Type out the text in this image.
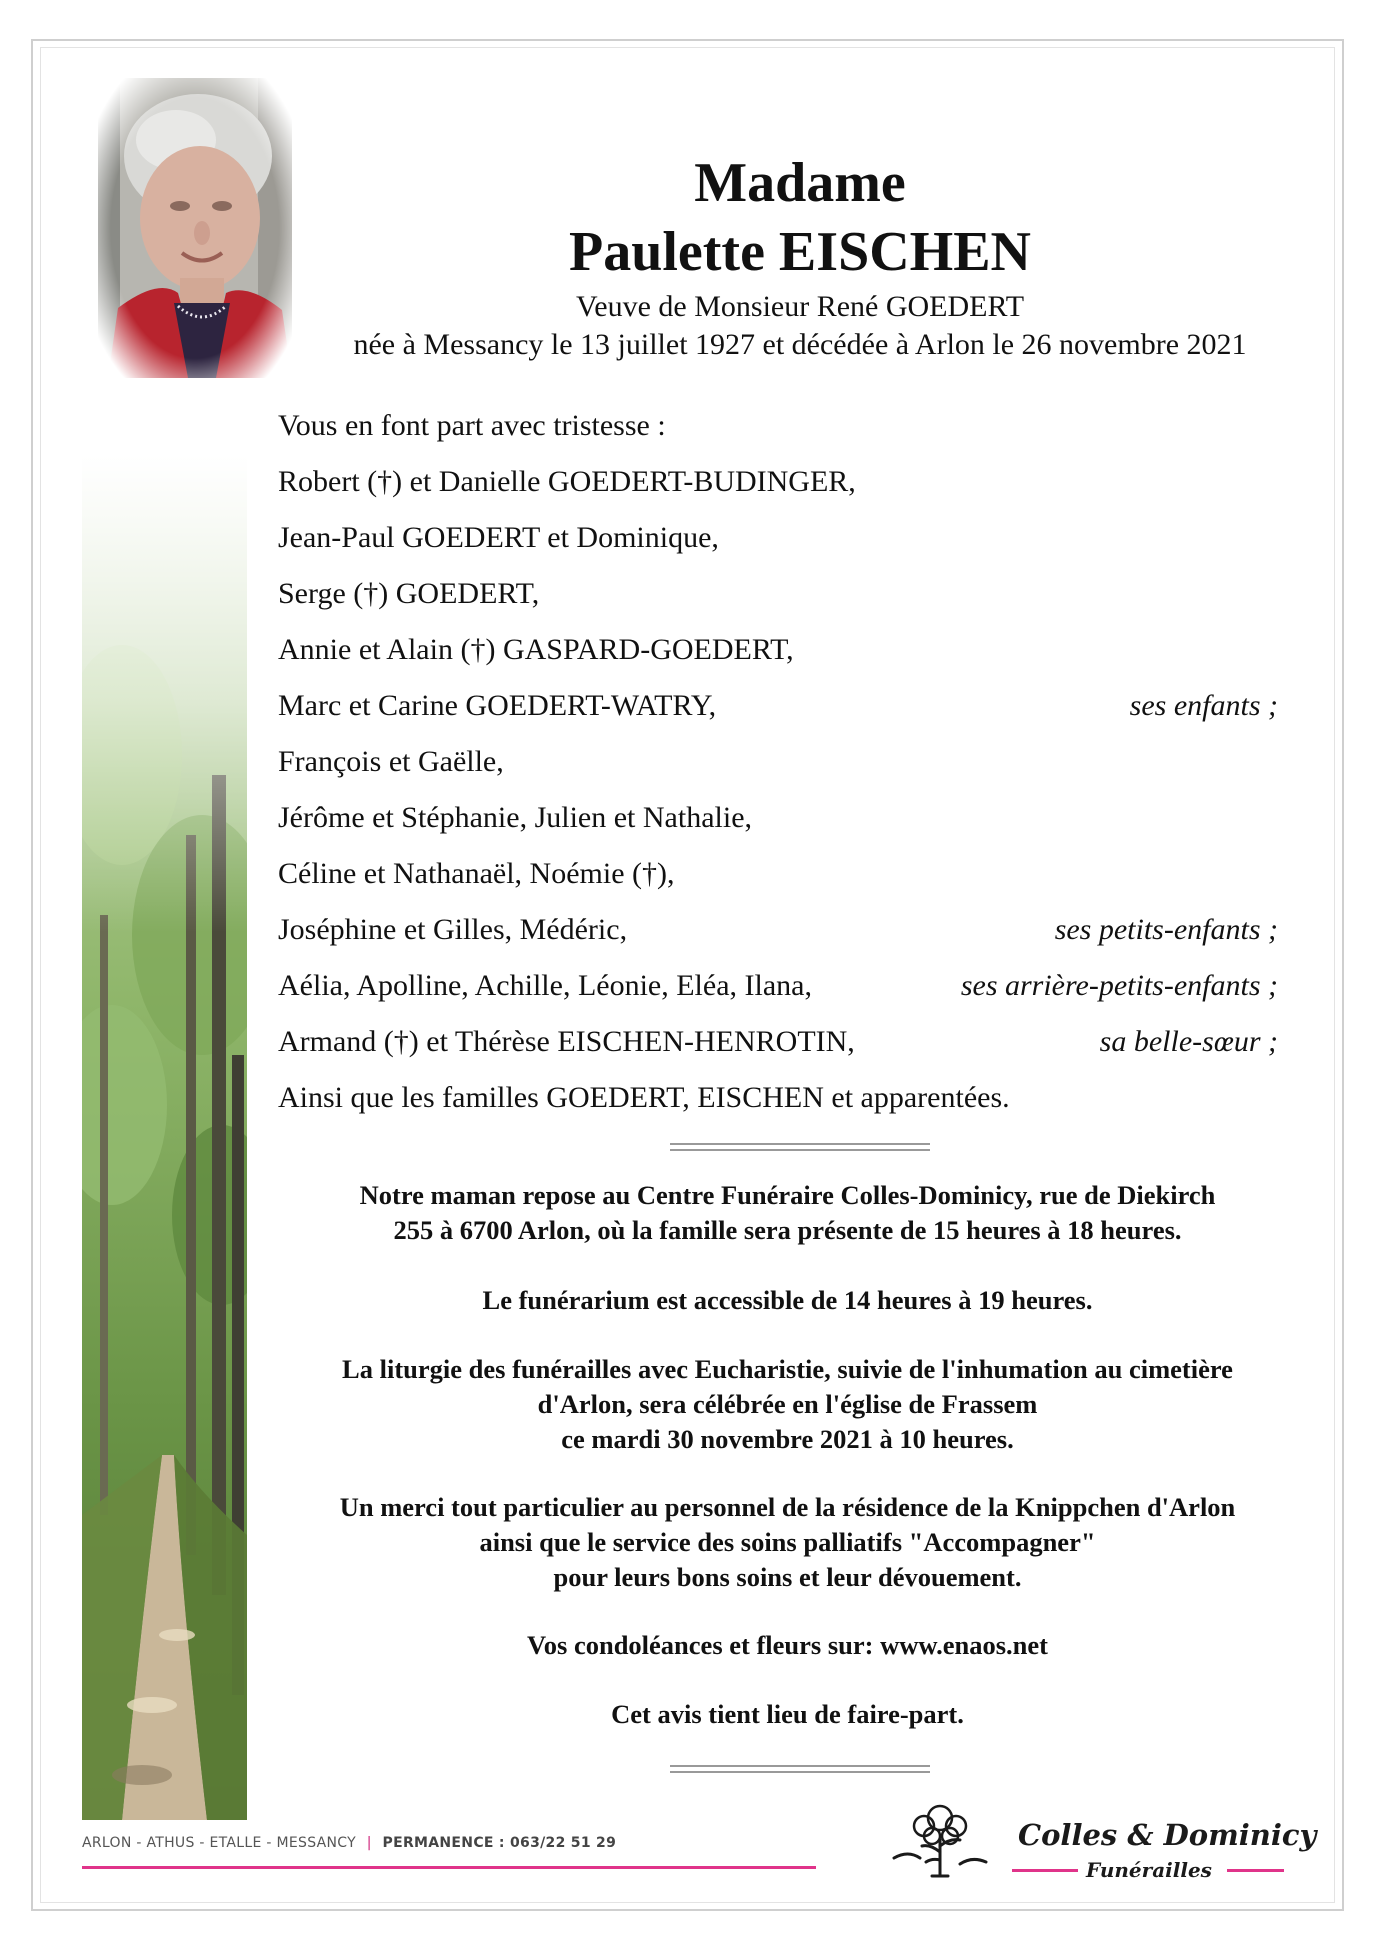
Madame

Paulette EISCHEN

Veuve de Monsieur René GOEDERT

née à Messancy le 13 juillet 1927 et décédée à Arlon le 26 novembre 2021

Vous en font part avec tristesse :
Robert (†) et Danielle GOEDERT-BUDINGER,
Jean-Paul GOEDERT et Dominique,
Serge (†) GOEDERT,
Annie et Alain (†) GASPARD-GOEDERT,
Marc et Carine GOEDERT-WATRY,	ses enfants ;
François et Gaëlle,
Jérôme et Stéphanie, Julien et Nathalie,
Céline et Nathanaël, Noémie (†),
Joséphine et Gilles, Médéric,	ses petits-enfants ;
Aélia, Apolline, Achille, Léonie, Eléa, Ilana,	ses arrière-petits-enfants ;
Armand (†) et Thérèse EISCHEN-HENROTIN,	sa belle-sœur ;
Ainsi que les familles GOEDERT, EISCHEN et apparentées.

Notre maman repose au Centre Funéraire Colles-Dominicy, rue de Diekirch
255 à 6700 Arlon, où la famille sera présente de 15 heures à 18 heures.

Le funérarium est accessible de 14 heures à 19 heures.

La liturgie des funérailles avec Eucharistie, suivie de l'inhumation au cimetière
d'Arlon, sera célébrée en l'église de Frassem
ce mardi 30 novembre 2021 à 10 heures.

Un merci tout particulier au personnel de la résidence de la Knippchen d'Arlon
ainsi que le service des soins palliatifs "Accompagner"
pour leurs bons soins et leur dévouement.

Vos condoléances et fleurs sur: www.enaos.net

Cet avis tient lieu de faire-part.

ARLON - ATHUS - ETALLE - MESSANCY | PERMANENCE : 063/22 51 29	Colles & Dominicy
Funérailles
